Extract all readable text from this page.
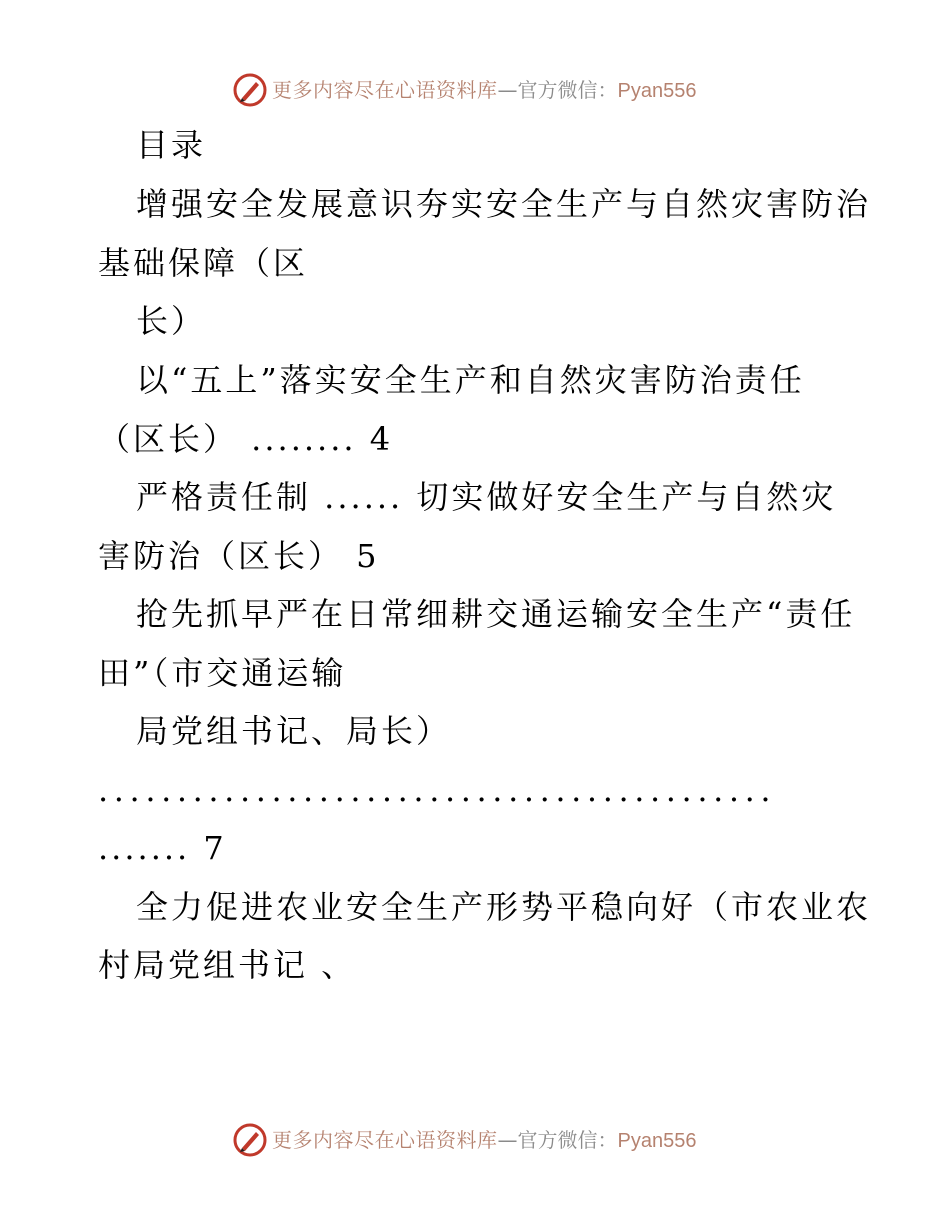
更多内容尽在心语资料库—官方微信：Pyan556
目录
增强安全发展意识夯实安全生产与自然灾害防治
基础保障（区
长）
以“五上”落实安全生产和自然灾害防治责任
（区长） ........ 4
严格责任制 ...... 切实做好安全生产与自然灾
害防治（区长） 5
抢先抓早严在日常细耕交通运输安全生产“责任
田”（市交通运输
局党组书记、局长）
...........................................
....... 7
全力促进农业安全生产形势平稳向好（市农业农
村局党组书记 、
更多内容尽在心语资料库—官方微信：Pyan556
